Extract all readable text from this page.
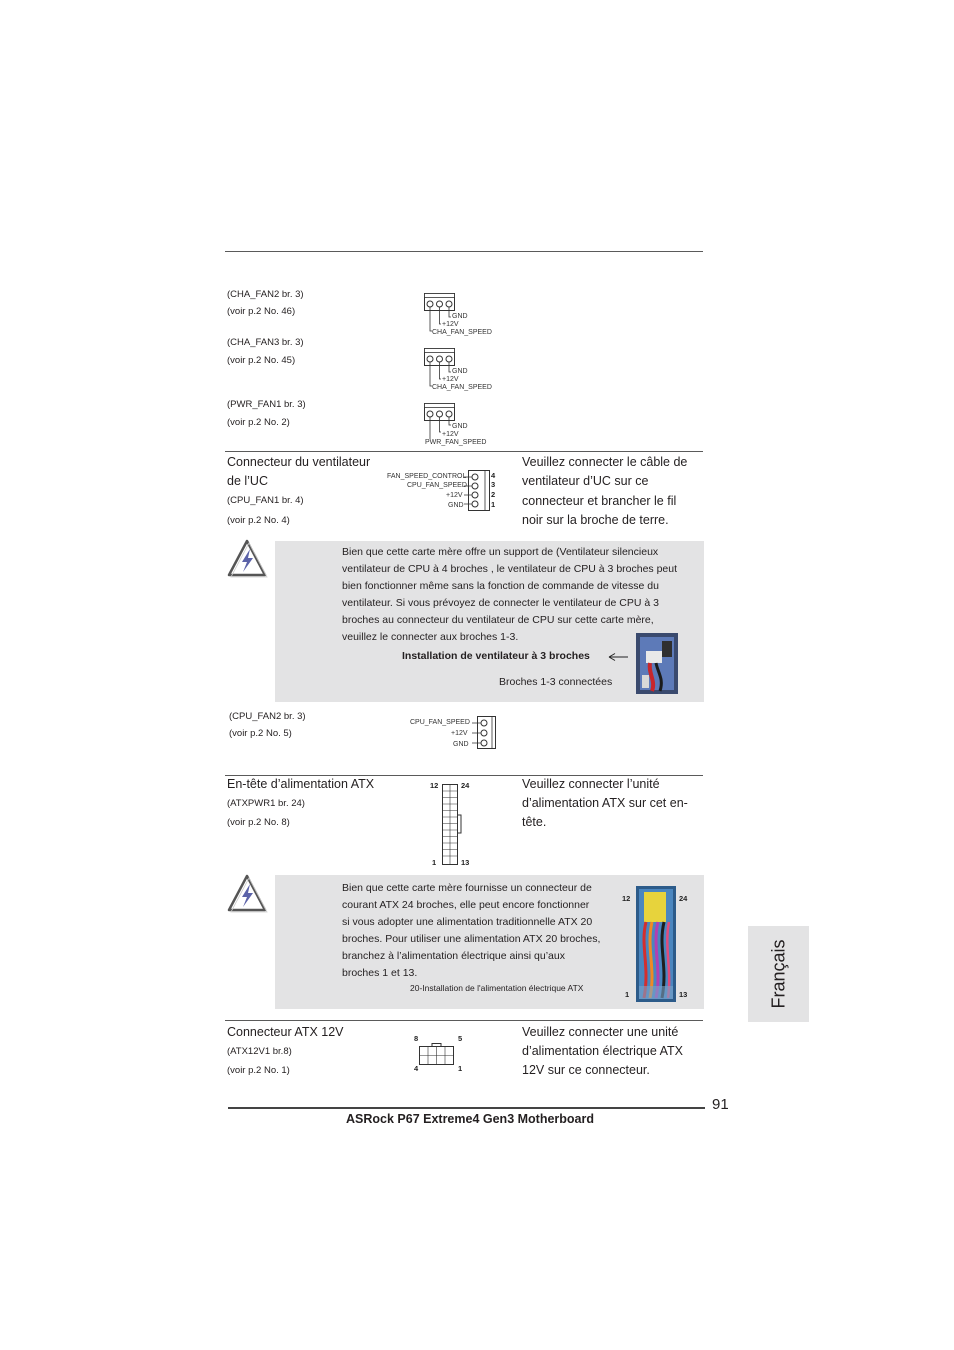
(CHA_FAN2 br. 3)
(voir p.2 No. 46)	GND
+12V
CHA_FAN_SPEED
(CHA_FAN3 br. 3)
(voir p.2 No. 45)
GND
+12V
CHA_FAN_SPEED
(PWR_FAN1 br. 3)
(voir p.2 No. 2)	GND
+12V
PWR_FAN_SPEED
Connecteur du ventilateur
de l’UC
(CPU_FAN1 br. 4)
(voir p.2 No. 4)
FAN_SPEED_CONTROL
CPU_FAN_SPEED
+12V
GND
4
3
2
1
Veuillez connecter le câble de
ventilateur d’UC sur ce
connecteur et brancher le fil
noir sur la broche de terre.
Bien que cette carte mère offre un support de (Ventilateur silencieux
ventilateur de CPU à 4 broches , le ventilateur de CPU à 3 broches peut
bien fonctionner même sans la fonction de commande de vitesse du
ventilateur. Si vous prévoyez de connecter le ventilateur de CPU à 3
broches au connecteur du ventilateur de CPU sur cette carte mère,
veuillez le connecter aux broches 1-3.
Installation de ventilateur à 3 broches
Broches 1-3 connectées
(CPU_FAN2 br. 3)
(voir p.2 No. 5)
CPU_FAN_SPEED
+12V
GND
En-tête d’alimentation ATX
(ATXPWR1 br. 24)
(voir p.2 No. 8)
12	24
1	13
Veuillez connecter l’unité
d’alimentation ATX sur cet en-
tête.
Bien que cette carte mère fournisse un connecteur de
courant ATX 24 broches, elle peut encore fonctionner
si vous adopter une alimentation traditionnelle ATX 20
broches. Pour utiliser une alimentation ATX 20 broches,
branchez à l’alimentation électrique ainsi qu’aux
broches 1 et 13.
20-Installation de l'alimentation électrique ATX
12	24
1	13
Connecteur ATX 12V
(ATX12V1 br.8)
(voir p.2 No. 1)
8	5
4	1
Veuillez connecter une unité
d’alimentation électrique ATX
12V sur ce connecteur.
Français
91
ASRock P67 Extreme4 Gen3 Motherboard
